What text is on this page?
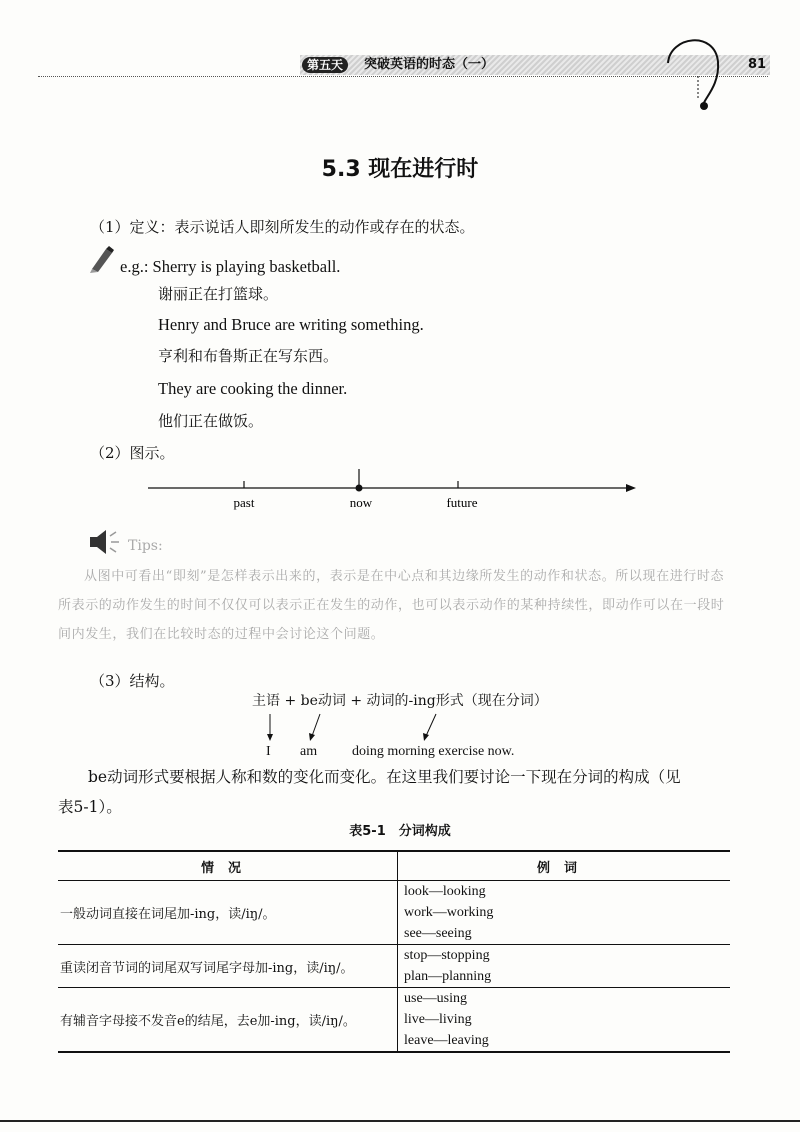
第五天	突破英语的时态（一）	81
5.3 现在进行时
（1）定义：表示说话人即刻所发生的动作或存在的状态。
e.g.: Sherry is playing basketball.
谢丽正在打篮球。
Henry and Bruce are writing something.
亨利和布鲁斯正在写东西。
They are cooking the dinner.
他们正在做饭。
（2）图示。
past	now	future
Tips:
从图中可看出“即刻”是怎样表示出来的，表示是在中心点和其边缘所发生的动作和状态。所以现在进行时态所表示的动作发生的时间不仅仅可以表示正在发生的动作，也可以表示动作的某种持续性，即动作可以在一段时间内发生，我们在比较时态的过程中会讨论这个问题。
（3）结构。
主语 + be动词 + 动词的-ing形式（现在分词）
I am doing morning exercise now.
be动词形式要根据人称和数的变化而变化。在这里我们要讨论一下现在分词的构成（见
表5-1）。
表5-1　分词构成
情况	例词
一般动词直接在词尾加-ing，读/iŋ/。	look—looking
work—working
see—seeing

重读闭音节词的词尾双写词尾字母加-ing，读/iŋ/。	stop—stopping
plan—planning

有辅音字母接不发音e的结尾，去e加-ing，读/iŋ/。	use—using
live—living
leave—leaving
